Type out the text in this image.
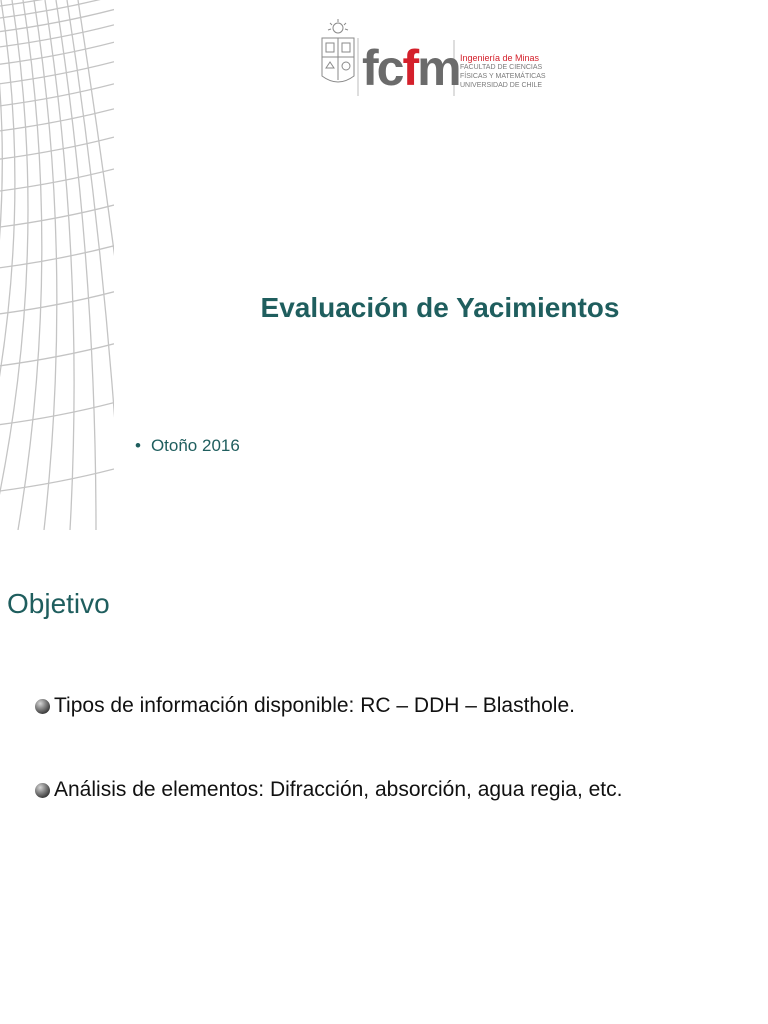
fcfm Ingeniería de Minas
FACULTAD DE CIENCIAS
FÍSICAS Y MATEMÁTICAS
UNIVERSIDAD DE CHILE
Evaluación de Yacimientos
• Otoño 2016
Objetivo
Tipos de información disponible: RC – DDH – Blasthole.
Análisis de elementos: Difracción, absorción, agua regia, etc.
